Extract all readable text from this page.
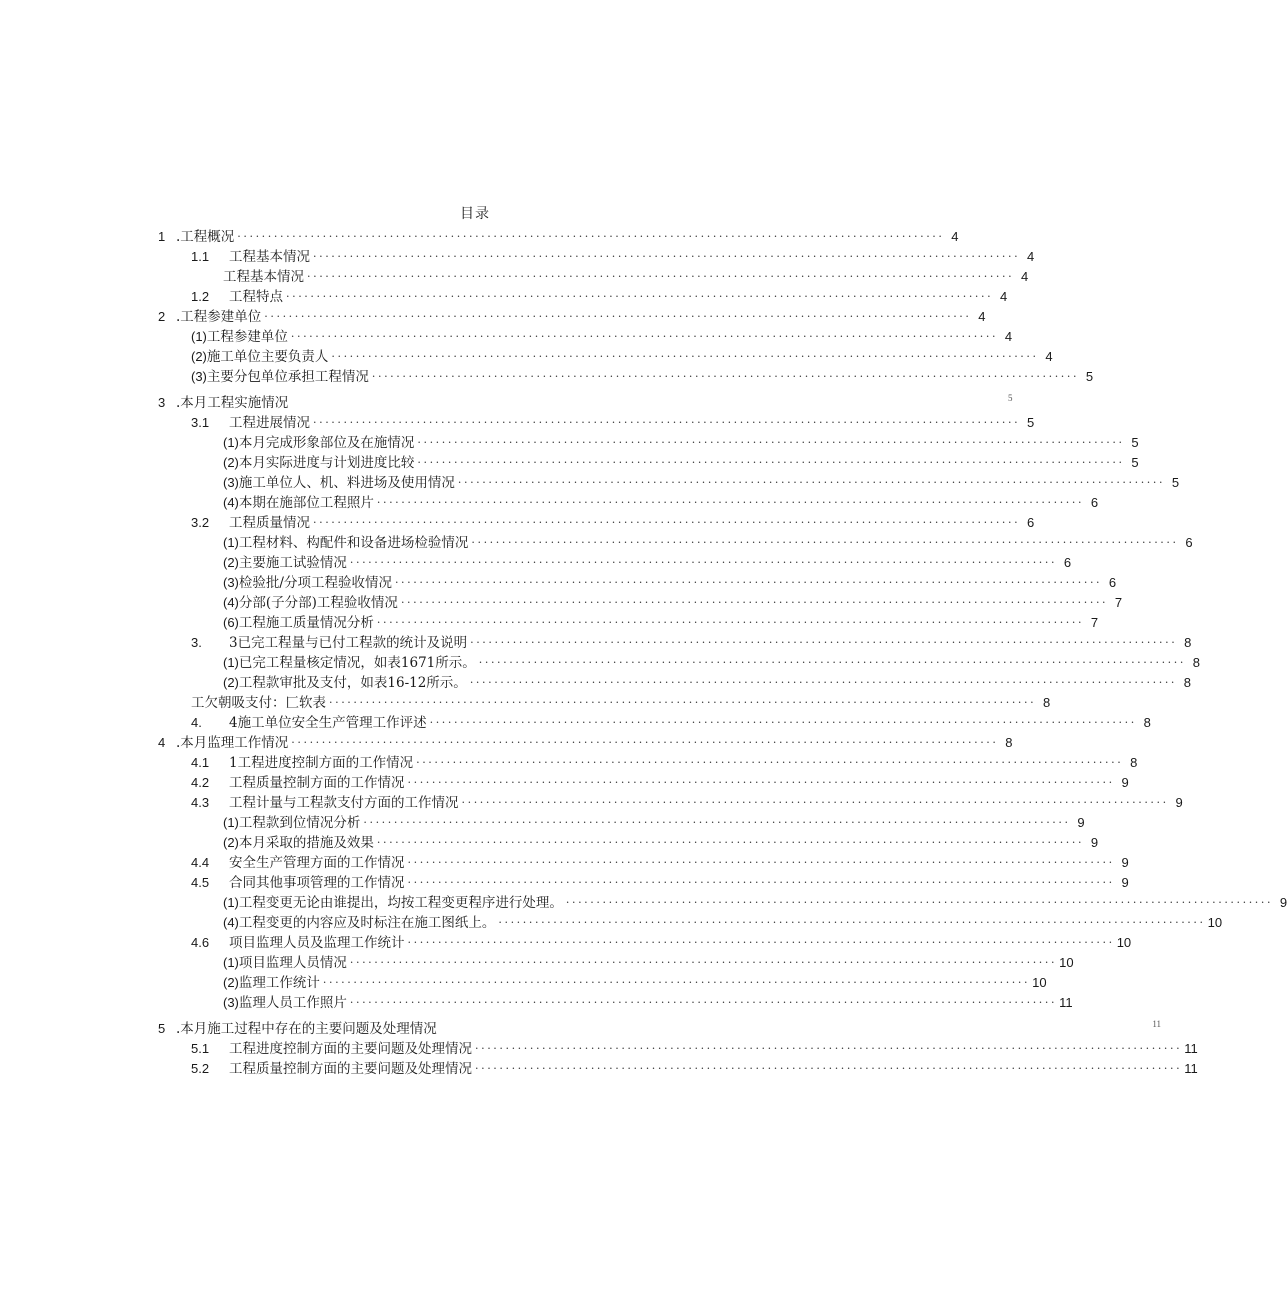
目录
1 .工程概况 .................................................................................................................... 4
1.1	工程基本情况 .................................................................................................................... 4
工程基本情况 .................................................................................................................... 4
1.2	工程特点 .................................................................................................................... 4
2 .工程参建单位 .................................................................................................................... 4
(1) 工程参建单位 .................................................................................................................... 4
(2) 施工单位主要负责人 .................................................................................................................... 4
(3) 主要分包单位承担工程情况 .................................................................................................................... 5
3 .本月工程实施情况	5
3.1	工程进展情况 .................................................................................................................... 5
(1) 本月完成形象部位及在施情况 .................................................................................................................... 5
(2) 本月实际进度与计划进度比较 .................................................................................................................... 5
(3) 施工单位人、机、料进场及使用情况 .................................................................................................................... 5
(4) 本期在施部位工程照片 .................................................................................................................... 6
3.2	工程质量情况 .................................................................................................................... 6
(1) 工程材料、构配件和设备进场检验情况 .................................................................................................................... 6
(2) 主要施工试验情况 .................................................................................................................... 6
(3) 检验批/分项工程验收情况 .................................................................................................................... 6
(4) 分部(子分部)工程验收情况 .................................................................................................................... 7
(6) 工程施工质量情况分析 .................................................................................................................... 7
3.	3已完工程量与已付工程款的统计及说明 .................................................................................................................... 8
(1) 已完工程量核定情况，如表1671所示。 .................................................................................................................... 8
(2) 工程款审批及支付，如表16-12所示。 .................................................................................................................... 8
工欠朝吸支付：匚软表 .................................................................................................................... 8
4.	4施工单位安全生产管理工作评述 .................................................................................................................... 8
4 .本月监理工作情况 .................................................................................................................... 8
4.1	1工程进度控制方面的工作情况 .................................................................................................................... 8
4.2	工程质量控制方面的工作情况 .................................................................................................................... 9
4.3	工程计量与工程款支付方面的工作情况 .................................................................................................................... 9
(1) 工程款到位情况分析 .................................................................................................................... 9
(2) 本月采取的措施及效果 .................................................................................................................... 9
4.4	安全生产管理方面的工作情况 .................................................................................................................... 9
4.5	合同其他事项管理的工作情况 .................................................................................................................... 9
(1) 工程变更无论由谁提出，均按工程变更程序进行处理。 .................................................................................................................... 9
(4) 工程变更的内容应及时标注在施工图纸上。 .................................................................................................................... 10
4.6	项目监理人员及监理工作统计 .................................................................................................................... 10
(1) 项目监理人员情况 .................................................................................................................... 10
(2) 监理工作统计 .................................................................................................................... 10
(3) 监理人员工作照片 .................................................................................................................... 11
5 .本月施工过程中存在的主要问题及处理情况	11
5.1	工程进度控制方面的主要问题及处理情况 .................................................................................................................... 11
5.2	工程质量控制方面的主要问题及处理情况 .................................................................................................................... 11
